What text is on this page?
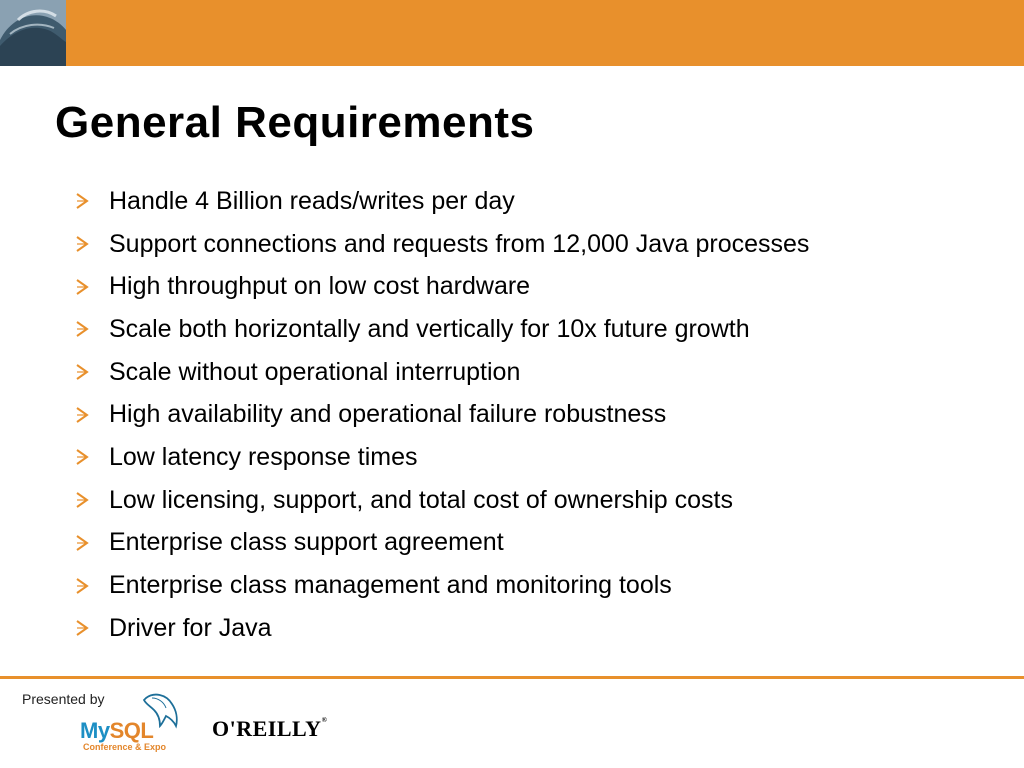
General Requirements
Handle 4 Billion reads/writes per day
Support connections and requests from 12,000 Java processes
High throughput on low cost hardware
Scale both horizontally and vertically for 10x future growth
Scale without operational interruption
High availability and operational failure robustness
Low latency response times
Low licensing, support, and total cost of ownership costs
Enterprise class support agreement
Enterprise class management and monitoring tools
Driver for Java
Presented by
MySQL
Conference & Expo
O'REILLY®
